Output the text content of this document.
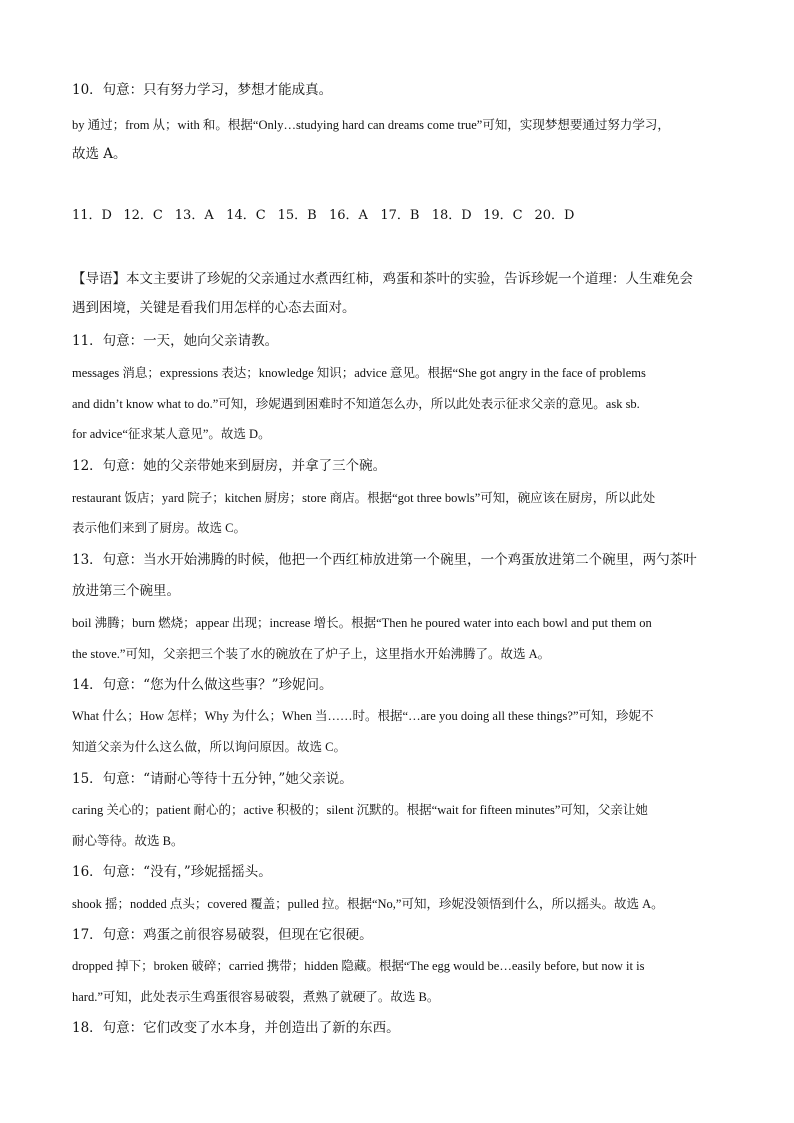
10．句意：只有努力学习，梦想才能成真。

by 通过；from 从；with 和。根据“Only…studying hard can dreams come true”可知，实现梦想要通过努力学习，

故选 A。

11．D 12．C 13．A 14．C 15．B 16．A 17．B 18．D 19．C 20．D

【导语】本文主要讲了珍妮的父亲通过水煮西红柿，鸡蛋和茶叶的实验，告诉珍妮一个道理：人生难免会

遇到困境，关键是看我们用怎样的心态去面对。

11．句意：一天，她向父亲请教。

messages 消息；expressions 表达；knowledge 知识；advice 意见。根据“She got angry in the face of problems

and didn’t know what to do.”可知，珍妮遇到困难时不知道怎么办，所以此处表示征求父亲的意见。ask sb.

for advice“征求某人意见”。故选 D。

12．句意：她的父亲带她来到厨房，并拿了三个碗。

restaurant 饭店；yard 院子；kitchen 厨房；store 商店。根据“got three bowls”可知，碗应该在厨房，所以此处

表示他们来到了厨房。故选 C。

13．句意：当水开始沸腾的时候，他把一个西红柿放进第一个碗里，一个鸡蛋放进第二个碗里，两勺茶叶

放进第三个碗里。

boil 沸腾；burn 燃烧；appear 出现；increase 增长。根据“Then he poured water into each bowl and put them on

the stove.”可知，父亲把三个装了水的碗放在了炉子上，这里指水开始沸腾了。故选 A。

14．句意：“您为什么做这些事？”珍妮问。

What 什么；How 怎样；Why 为什么；When 当……时。根据“…are you doing all these things?”可知，珍妮不

知道父亲为什么这么做，所以询问原因。故选 C。

15．句意：“请耐心等待十五分钟，”她父亲说。

caring 关心的；patient 耐心的；active 积极的；silent 沉默的。根据“wait for fifteen minutes”可知，父亲让她

耐心等待。故选 B。

16．句意：“没有，”珍妮摇摇头。

shook 摇；nodded 点头；covered 覆盖；pulled 拉。根据“No,”可知，珍妮没领悟到什么，所以摇头。故选 A。

17．句意：鸡蛋之前很容易破裂，但现在它很硬。

dropped 掉下；broken 破碎；carried 携带；hidden 隐藏。根据“The egg would be…easily before, but now it is

hard.”可知，此处表示生鸡蛋很容易破裂，煮熟了就硬了。故选 B。

18．句意：它们改变了水本身，并创造出了新的东西。
